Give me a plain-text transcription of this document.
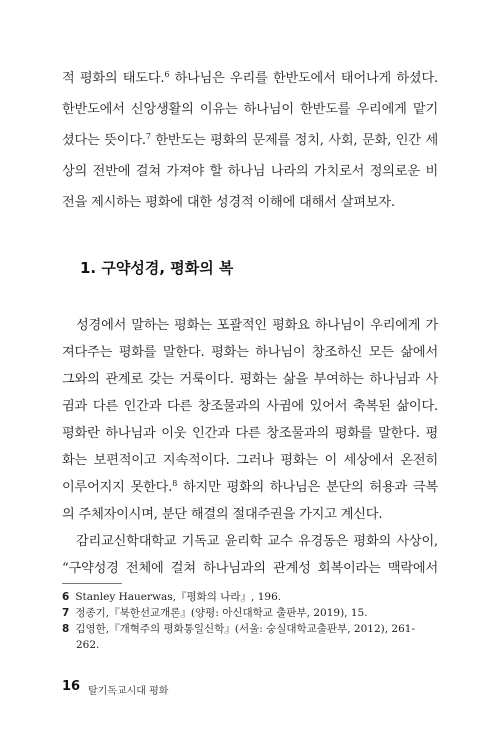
적 평화의 태도다.$^6$ 하나님은 우리를 한반도에서 태어나게 하셨다.
한반도에서 신앙생활의 이유는 하나님이 한반도를 우리에게 맡기
셨다는 뜻이다.$^7$ 한반도는 평화의 문제를 정치, 사회, 문화, 인간 세
상의 전반에 걸쳐 가져야 할 하나님 나라의 가치로서 정의로운 비
전을 제시하는 평화에 대한 성경적 이해에 대해서 살펴보자.
1. 구약성경, 평화의 복
성경에서 말하는 평화는 포괄적인 평화요 하나님이 우리에게 가
져다주는 평화를 말한다. 평화는 하나님이 창조하신 모든 삶에서
그와의 관계로 갖는 거룩이다. 평화는 삶을 부여하는 하나님과 사
귐과 다른 인간과 다른 창조물과의 사귐에 있어서 축복된 삶이다.
평화란 하나님과 이웃 인간과 다른 창조물과의 평화를 말한다. 평
화는 보편적이고 지속적이다. 그러나 평화는 이 세상에서 온전히
이루어지지 못한다.$^8$ 하지만 평화의 하나님은 분단의 허용과 극복
의 주체자이시며, 분단 해결의 절대주권을 가지고 계신다.
감리교신학대학교 기독교 윤리학 교수 유경동은 평화의 사상이,
“구약성경 전체에 걸쳐 하나님과의 관계성 회복이라는 맥락에서
6 Stanley Hauerwas,『평화의 나라』, 196.
7 정종기,『북한선교개론』(양평: 아신대학교 출판부, 2019), 15.
8 김영한,『개혁주의 평화통일신학』(서울: 숭실대학교출판부, 2012), 261-
262.
16 탈기독교시대 평화
